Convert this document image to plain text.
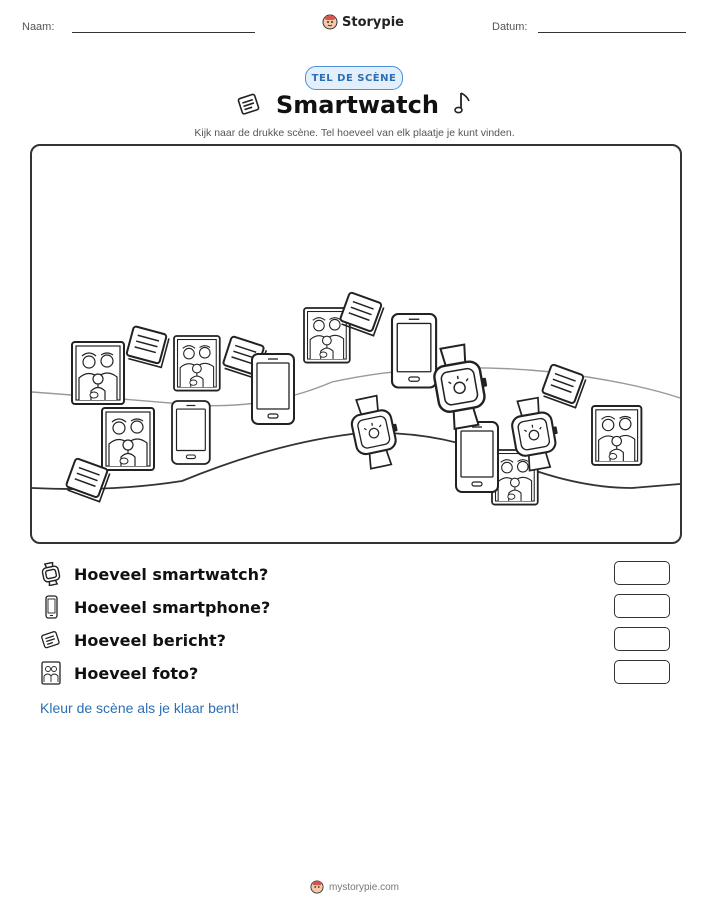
Naam:	Storypie	Datum:
TEL DE SCÈNE
Smartwatch
Kijk naar de drukke scène. Tel hoeveel van elk plaatje je kunt vinden.
Hoeveel smartwatch?
Hoeveel smartphone?
Hoeveel bericht?
Hoeveel foto?
Kleur de scène als je klaar bent!
mystorypie.com
